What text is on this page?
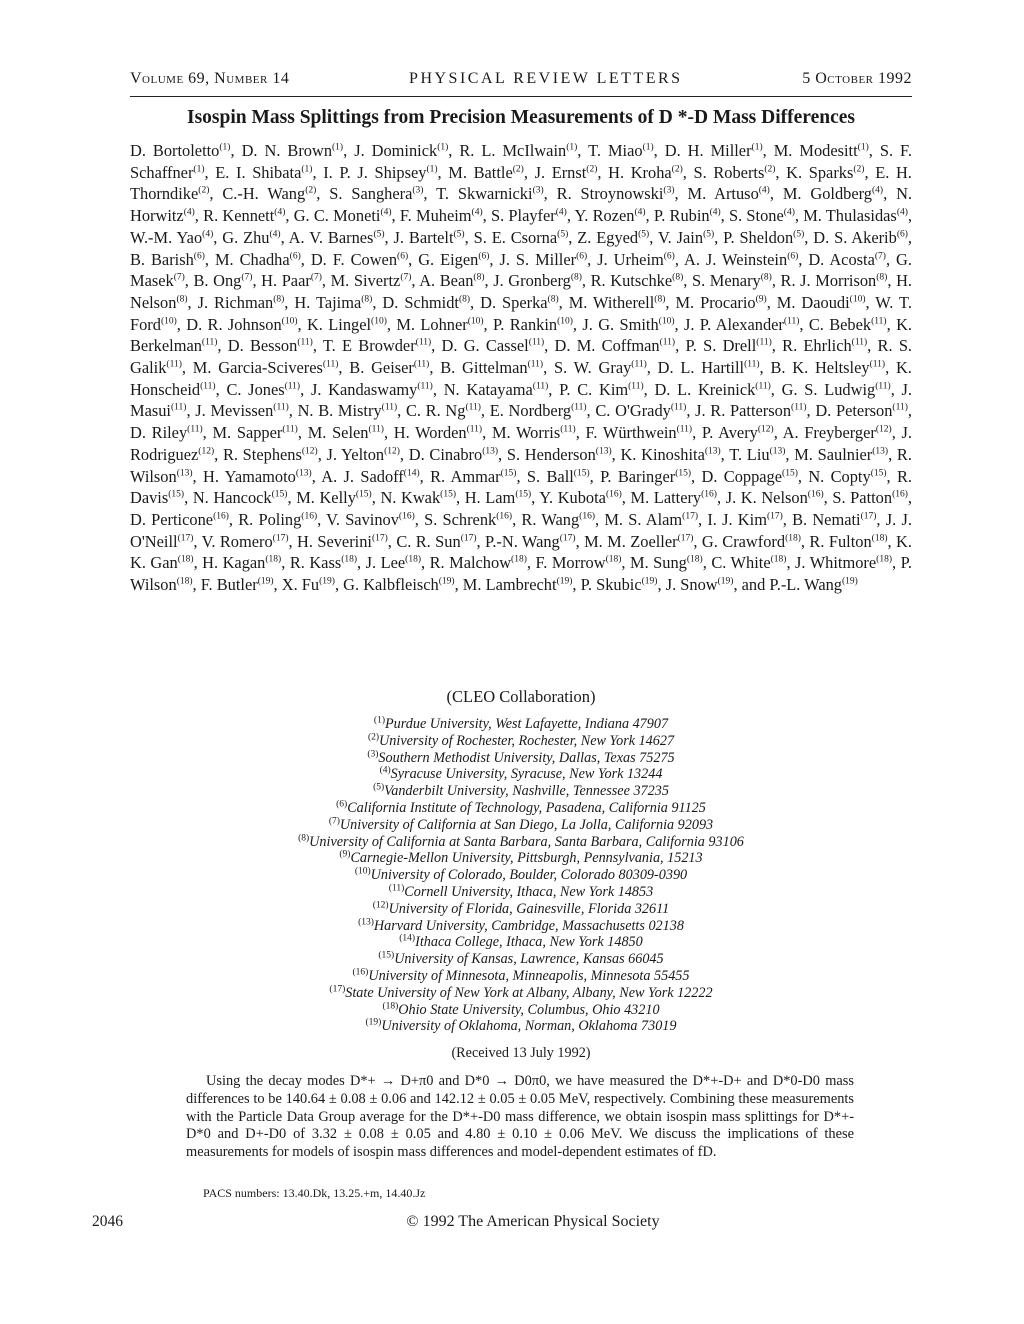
Volume 69, Number 14	PHYSICAL REVIEW LETTERS	5 October 1992
Isospin Mass Splittings from Precision Measurements of D *-D Mass Differences
D. Bortoletto$^{(1)}$, D. N. Brown$^{(1)}$, J. Dominick$^{(1)}$, R. L. McIlwain$^{(1)}$, T. Miao$^{(1)}$, D. H. Miller$^{(1)}$, M. Modesitt$^{(1)}$, S. F. Schaffner$^{(1)}$, E. I. Shibata$^{(1)}$, I. P. J. Shipsey$^{(1)}$, M. Battle$^{(2)}$, J. Ernst$^{(2)}$, H. Kroha$^{(2)}$, S. Roberts$^{(2)}$, K. Sparks$^{(2)}$, E. H. Thorndike$^{(2)}$, C.-H. Wang$^{(2)}$, S. Sanghera$^{(3)}$, T. Skwarnicki$^{(3)}$, R. Stroynowski$^{(3)}$, M. Artuso$^{(4)}$, M. Goldberg$^{(4)}$, N. Horwitz$^{(4)}$, R. Kennett$^{(4)}$, G. C. Moneti$^{(4)}$, F. Muheim$^{(4)}$, S. Playfer$^{(4)}$, Y. Rozen$^{(4)}$, P. Rubin$^{(4)}$, S. Stone$^{(4)}$, M. Thulasidas$^{(4)}$, W.-M. Yao$^{(4)}$, G. Zhu$^{(4)}$, A. V. Barnes$^{(5)}$, J. Bartelt$^{(5)}$, S. E. Csorna$^{(5)}$, Z. Egyed$^{(5)}$, V. Jain$^{(5)}$, P. Sheldon$^{(5)}$, D. S. Akerib$^{(6)}$, B. Barish$^{(6)}$, M. Chadha$^{(6)}$, D. F. Cowen$^{(6)}$, G. Eigen$^{(6)}$, J. S. Miller$^{(6)}$, J. Urheim$^{(6)}$, A. J. Weinstein$^{(6)}$, D. Acosta$^{(7)}$, G. Masek$^{(7)}$, B. Ong$^{(7)}$, H. Paar$^{(7)}$, M. Sivertz$^{(7)}$, A. Bean$^{(8)}$, J. Gronberg$^{(8)}$, R. Kutschke$^{(8)}$, S. Menary$^{(8)}$, R. J. Morrison$^{(8)}$, H. Nelson$^{(8)}$, J. Richman$^{(8)}$, H. Tajima$^{(8)}$, D. Schmidt$^{(8)}$, D. Sperka$^{(8)}$, M. Witherell$^{(8)}$, M. Procario$^{(9)}$, M. Daoudi$^{(10)}$, W. T. Ford$^{(10)}$, D. R. Johnson$^{(10)}$, K. Lingel$^{(10)}$, M. Lohner$^{(10)}$, P. Rankin$^{(10)}$, J. G. Smith$^{(10)}$, J. P. Alexander$^{(11)}$, C. Bebek$^{(11)}$, K. Berkelman$^{(11)}$, D. Besson$^{(11)}$, T. E Browder$^{(11)}$, D. G. Cassel$^{(11)}$, D. M. Coffman$^{(11)}$, P. S. Drell$^{(11)}$, R. Ehrlich$^{(11)}$, R. S. Galik$^{(11)}$, M. Garcia-Sciveres$^{(11)}$, B. Geiser$^{(11)}$, B. Gittelman$^{(11)}$, S. W. Gray$^{(11)}$, D. L. Hartill$^{(11)}$, B. K. Heltsley$^{(11)}$, K. Honscheid$^{(11)}$, C. Jones$^{(11)}$, J. Kandaswamy$^{(11)}$, N. Katayama$^{(11)}$, P. C. Kim$^{(11)}$, D. L. Kreinick$^{(11)}$, G. S. Ludwig$^{(11)}$, J. Masui$^{(11)}$, J. Mevissen$^{(11)}$, N. B. Mistry$^{(11)}$, C. R. Ng$^{(11)}$, E. Nordberg$^{(11)}$, C. O'Grady$^{(11)}$, J. R. Patterson$^{(11)}$, D. Peterson$^{(11)}$, D. Riley$^{(11)}$, M. Sapper$^{(11)}$, M. Selen$^{(11)}$, H. Worden$^{(11)}$, M. Worris$^{(11)}$, F. Würthwein$^{(11)}$, P. Avery$^{(12)}$, A. Freyberger$^{(12)}$, J. Rodriguez$^{(12)}$, R. Stephens$^{(12)}$, J. Yelton$^{(12)}$, D. Cinabro$^{(13)}$, S. Henderson$^{(13)}$, K. Kinoshita$^{(13)}$, T. Liu$^{(13)}$, M. Saulnier$^{(13)}$, R. Wilson$^{(13)}$, H. Yamamoto$^{(13)}$, A. J. Sadoff$^{(14)}$, R. Ammar$^{(15)}$, S. Ball$^{(15)}$, P. Baringer$^{(15)}$, D. Coppage$^{(15)}$, N. Copty$^{(15)}$, R. Davis$^{(15)}$, N. Hancock$^{(15)}$, M. Kelly$^{(15)}$, N. Kwak$^{(15)}$, H. Lam$^{(15)}$, Y. Kubota$^{(16)}$, M. Lattery$^{(16)}$, J. K. Nelson$^{(16)}$, S. Patton$^{(16)}$, D. Perticone$^{(16)}$, R. Poling$^{(16)}$, V. Savinov$^{(16)}$, S. Schrenk$^{(16)}$, R. Wang$^{(16)}$, M. S. Alam$^{(17)}$, I. J. Kim$^{(17)}$, B. Nemati$^{(17)}$, J. J. O'Neill$^{(17)}$, V. Romero$^{(17)}$, H. Severini$^{(17)}$, C. R. Sun$^{(17)}$, P.-N. Wang$^{(17)}$, M. M. Zoeller$^{(17)}$, G. Crawford$^{(18)}$, R. Fulton$^{(18)}$, K. K. Gan$^{(18)}$, H. Kagan$^{(18)}$, R. Kass$^{(18)}$, J. Lee$^{(18)}$, R. Malchow$^{(18)}$, F. Morrow$^{(18)}$, M. Sung$^{(18)}$, C. White$^{(18)}$, J. Whitmore$^{(18)}$, P. Wilson$^{(18)}$, F. Butler$^{(19)}$, X. Fu$^{(19)}$, G. Kalbfleisch$^{(19)}$, M. Lambrecht$^{(19)}$, P. Skubic$^{(19)}$, J. Snow$^{(19)}$, and P.-L. Wang$^{(19)}$
(CLEO Collaboration)
$^{(1)}$Purdue University, West Lafayette, Indiana 47907
$^{(2)}$University of Rochester, Rochester, New York 14627
$^{(3)}$Southern Methodist University, Dallas, Texas 75275
$^{(4)}$Syracuse University, Syracuse, New York 13244
$^{(5)}$Vanderbilt University, Nashville, Tennessee 37235
$^{(6)}$California Institute of Technology, Pasadena, California 91125
$^{(7)}$University of California at San Diego, La Jolla, California 92093
$^{(8)}$University of California at Santa Barbara, Santa Barbara, California 93106
$^{(9)}$Carnegie-Mellon University, Pittsburgh, Pennsylvania, 15213
$^{(10)}$University of Colorado, Boulder, Colorado 80309-0390
$^{(11)}$Cornell University, Ithaca, New York 14853
$^{(12)}$University of Florida, Gainesville, Florida 32611
$^{(13)}$Harvard University, Cambridge, Massachusetts 02138
$^{(14)}$Ithaca College, Ithaca, New York 14850
$^{(15)}$University of Kansas, Lawrence, Kansas 66045
$^{(16)}$University of Minnesota, Minneapolis, Minnesota 55455
$^{(17)}$State University of New York at Albany, Albany, New York 12222
$^{(18)}$Ohio State University, Columbus, Ohio 43210
$^{(19)}$University of Oklahoma, Norman, Oklahoma 73019
(Received 13 July 1992)
Using the decay modes D*+ → D+π0 and D*0 → D0π0, we have measured the D*+-D+ and D*0-D0 mass differences to be 140.64 ± 0.08 ± 0.06 and 142.12 ± 0.05 ± 0.05 MeV, respectively. Combining these measurements with the Particle Data Group average for the D*+-D0 mass difference, we obtain isospin mass splittings for D*+-D*0 and D+-D0 of 3.32 ± 0.08 ± 0.05 and 4.80 ± 0.10 ± 0.06 MeV. We discuss the implications of these measurements for models of isospin mass differences and model-dependent estimates of fD.
PACS numbers: 13.40.Dk, 13.25.+m, 14.40.Jz
2046	© 1992 The American Physical Society
